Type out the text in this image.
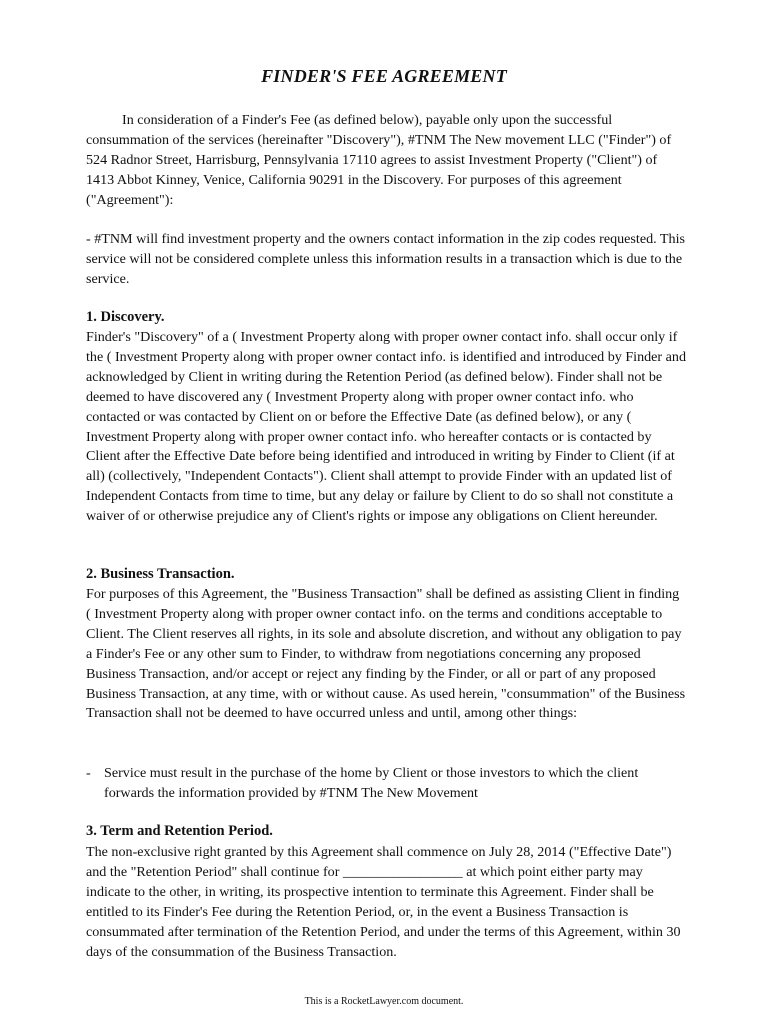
FINDER'S FEE AGREEMENT

In consideration of a Finder's Fee (as defined below), payable only upon the successful consummation of the services (hereinafter "Discovery"), #TNM The New movement LLC ("Finder") of 524 Radnor Street, Harrisburg, Pennsylvania 17110 agrees to assist Investment Property ("Client") of 1413 Abbot Kinney, Venice, California 90291 in the Discovery. For purposes of this agreement ("Agreement"):

- #TNM will find investment property and the owners contact information in the zip codes requested. This service will not be considered complete unless this information results in a transaction which is due to the service.

1. Discovery.

Finder's "Discovery" of a ( Investment Property along with proper owner contact info. shall occur only if the ( Investment Property along with proper owner contact info. is identified and introduced by Finder and acknowledged by Client in writing during the Retention Period (as defined below). Finder shall not be deemed to have discovered any ( Investment Property along with proper owner contact info. who contacted or was contacted by Client on or before the Effective Date (as defined below), or any ( Investment Property along with proper owner contact info. who hereafter contacts or is contacted by Client after the Effective Date before being identified and introduced in writing by Finder to Client (if at all) (collectively, "Independent Contacts"). Client shall attempt to provide Finder with an updated list of Independent Contacts from time to time, but any delay or failure by Client to do so shall not constitute a waiver of or otherwise prejudice any of Client's rights or impose any obligations on Client hereunder.

2. Business Transaction.

For purposes of this Agreement, the "Business Transaction" shall be defined as assisting Client in finding ( Investment Property along with proper owner contact info. on the terms and conditions acceptable to Client. The Client reserves all rights, in its sole and absolute discretion, and without any obligation to pay a Finder's Fee or any other sum to Finder, to withdraw from negotiations concerning any proposed Business Transaction, and/or accept or reject any finding by the Finder, or all or part of any proposed Business Transaction, at any time, with or without cause. As used herein, "consummation" of the Business Transaction shall not be deemed to have occurred unless and until, among other things:

- Service must result in the purchase of the home by Client or those investors to which the client forwards the information provided by #TNM The New Movement

3. Term and Retention Period.

The non-exclusive right granted by this Agreement shall commence on July 28, 2014 ("Effective Date") and the "Retention Period" shall continue for _________________ at which point either party may indicate to the other, in writing, its prospective intention to terminate this Agreement. Finder shall be entitled to its Finder's Fee during the Retention Period, or, in the event a Business Transaction is consummated after termination of the Retention Period, and under the terms of this Agreement, within 30 days of the consummation of the Business Transaction.

This is a RocketLawyer.com document.
